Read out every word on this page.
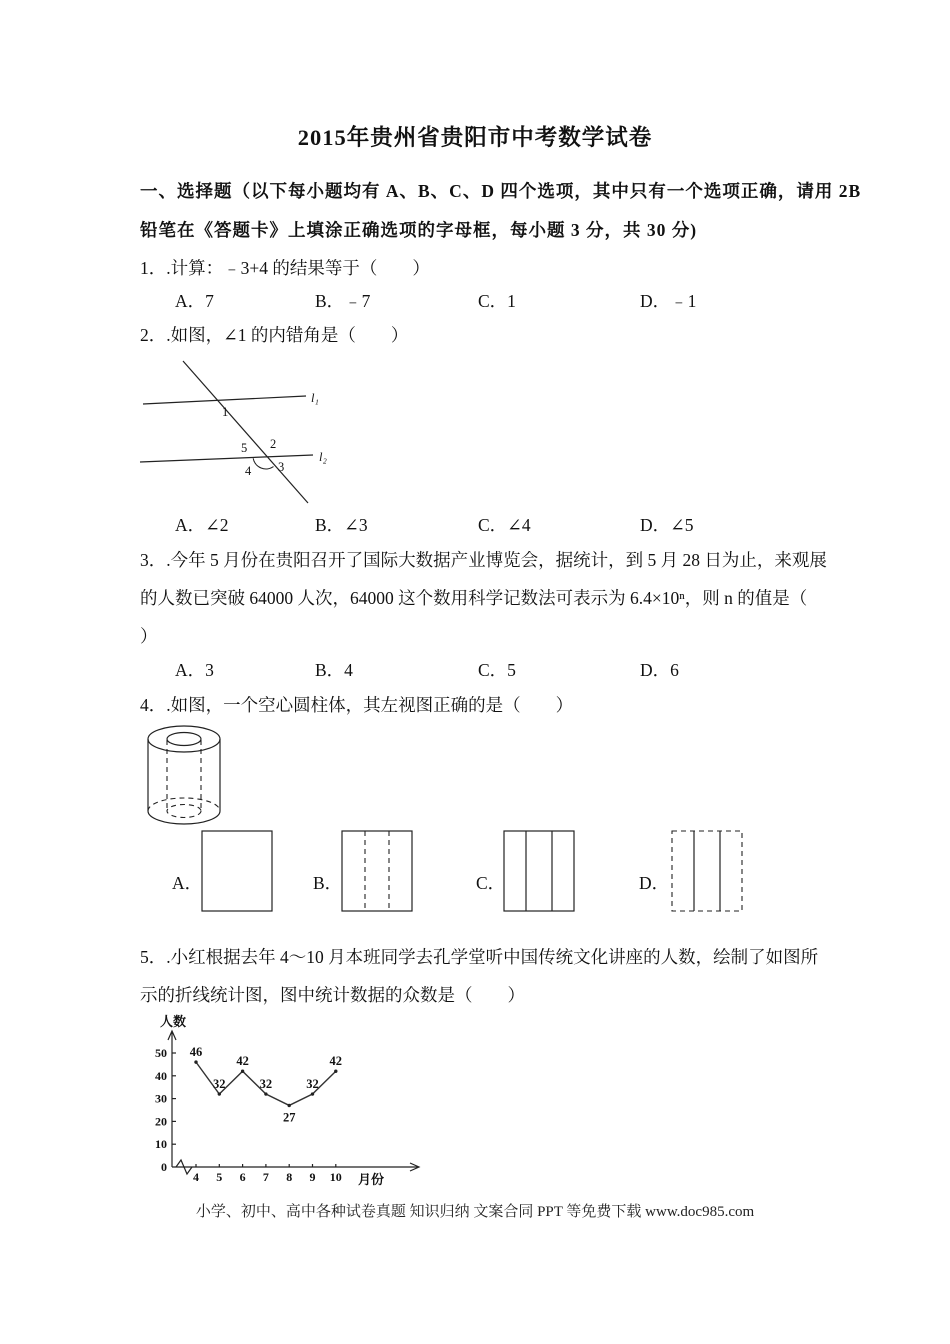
2015年贵州省贵阳市中考数学试卷
一、选择题（以下每小题均有 A、B、C、D 四个选项，其中只有一个选项正确，请用 2B
铅笔在《答题卡》上填涂正确选项的字母框，每小题 3 分，共 30 分)
1．.计算：﹣3+4 的结果等于（　　）
A．7	B．﹣7	C．1	D．﹣1
2．.如图，∠1 的内错角是（　　）
l₁
l₂
1
5 2
4 3
A．∠2	B．∠3	C．∠4	D．∠5
3．.今年 5 月份在贵阳召开了国际大数据产业博览会，据统计，到 5 月 28 日为止，来观展
的人数已突破 64000 人次，64000 这个数用科学记数法可表示为 6.4×10ⁿ，则 n 的值是（
）
A．3	B．4	C．5	D．6
4．.如图，一个空心圆柱体，其左视图正确的是（　　）
A．	B．	C．	D．
5．.小红根据去年 4～10 月本班同学去孔学堂听中国传统文化讲座的人数，绘制了如图所
示的折线统计图，图中统计数据的众数是（　　）
人数
月份
0
10
20
30
40
50
4 5 6 7 8 9 10
46
32
42
32
27
32
42
小学、初中、高中各种试卷真题 知识归纳 文案合同 PPT 等免费下载 www.doc985.com
